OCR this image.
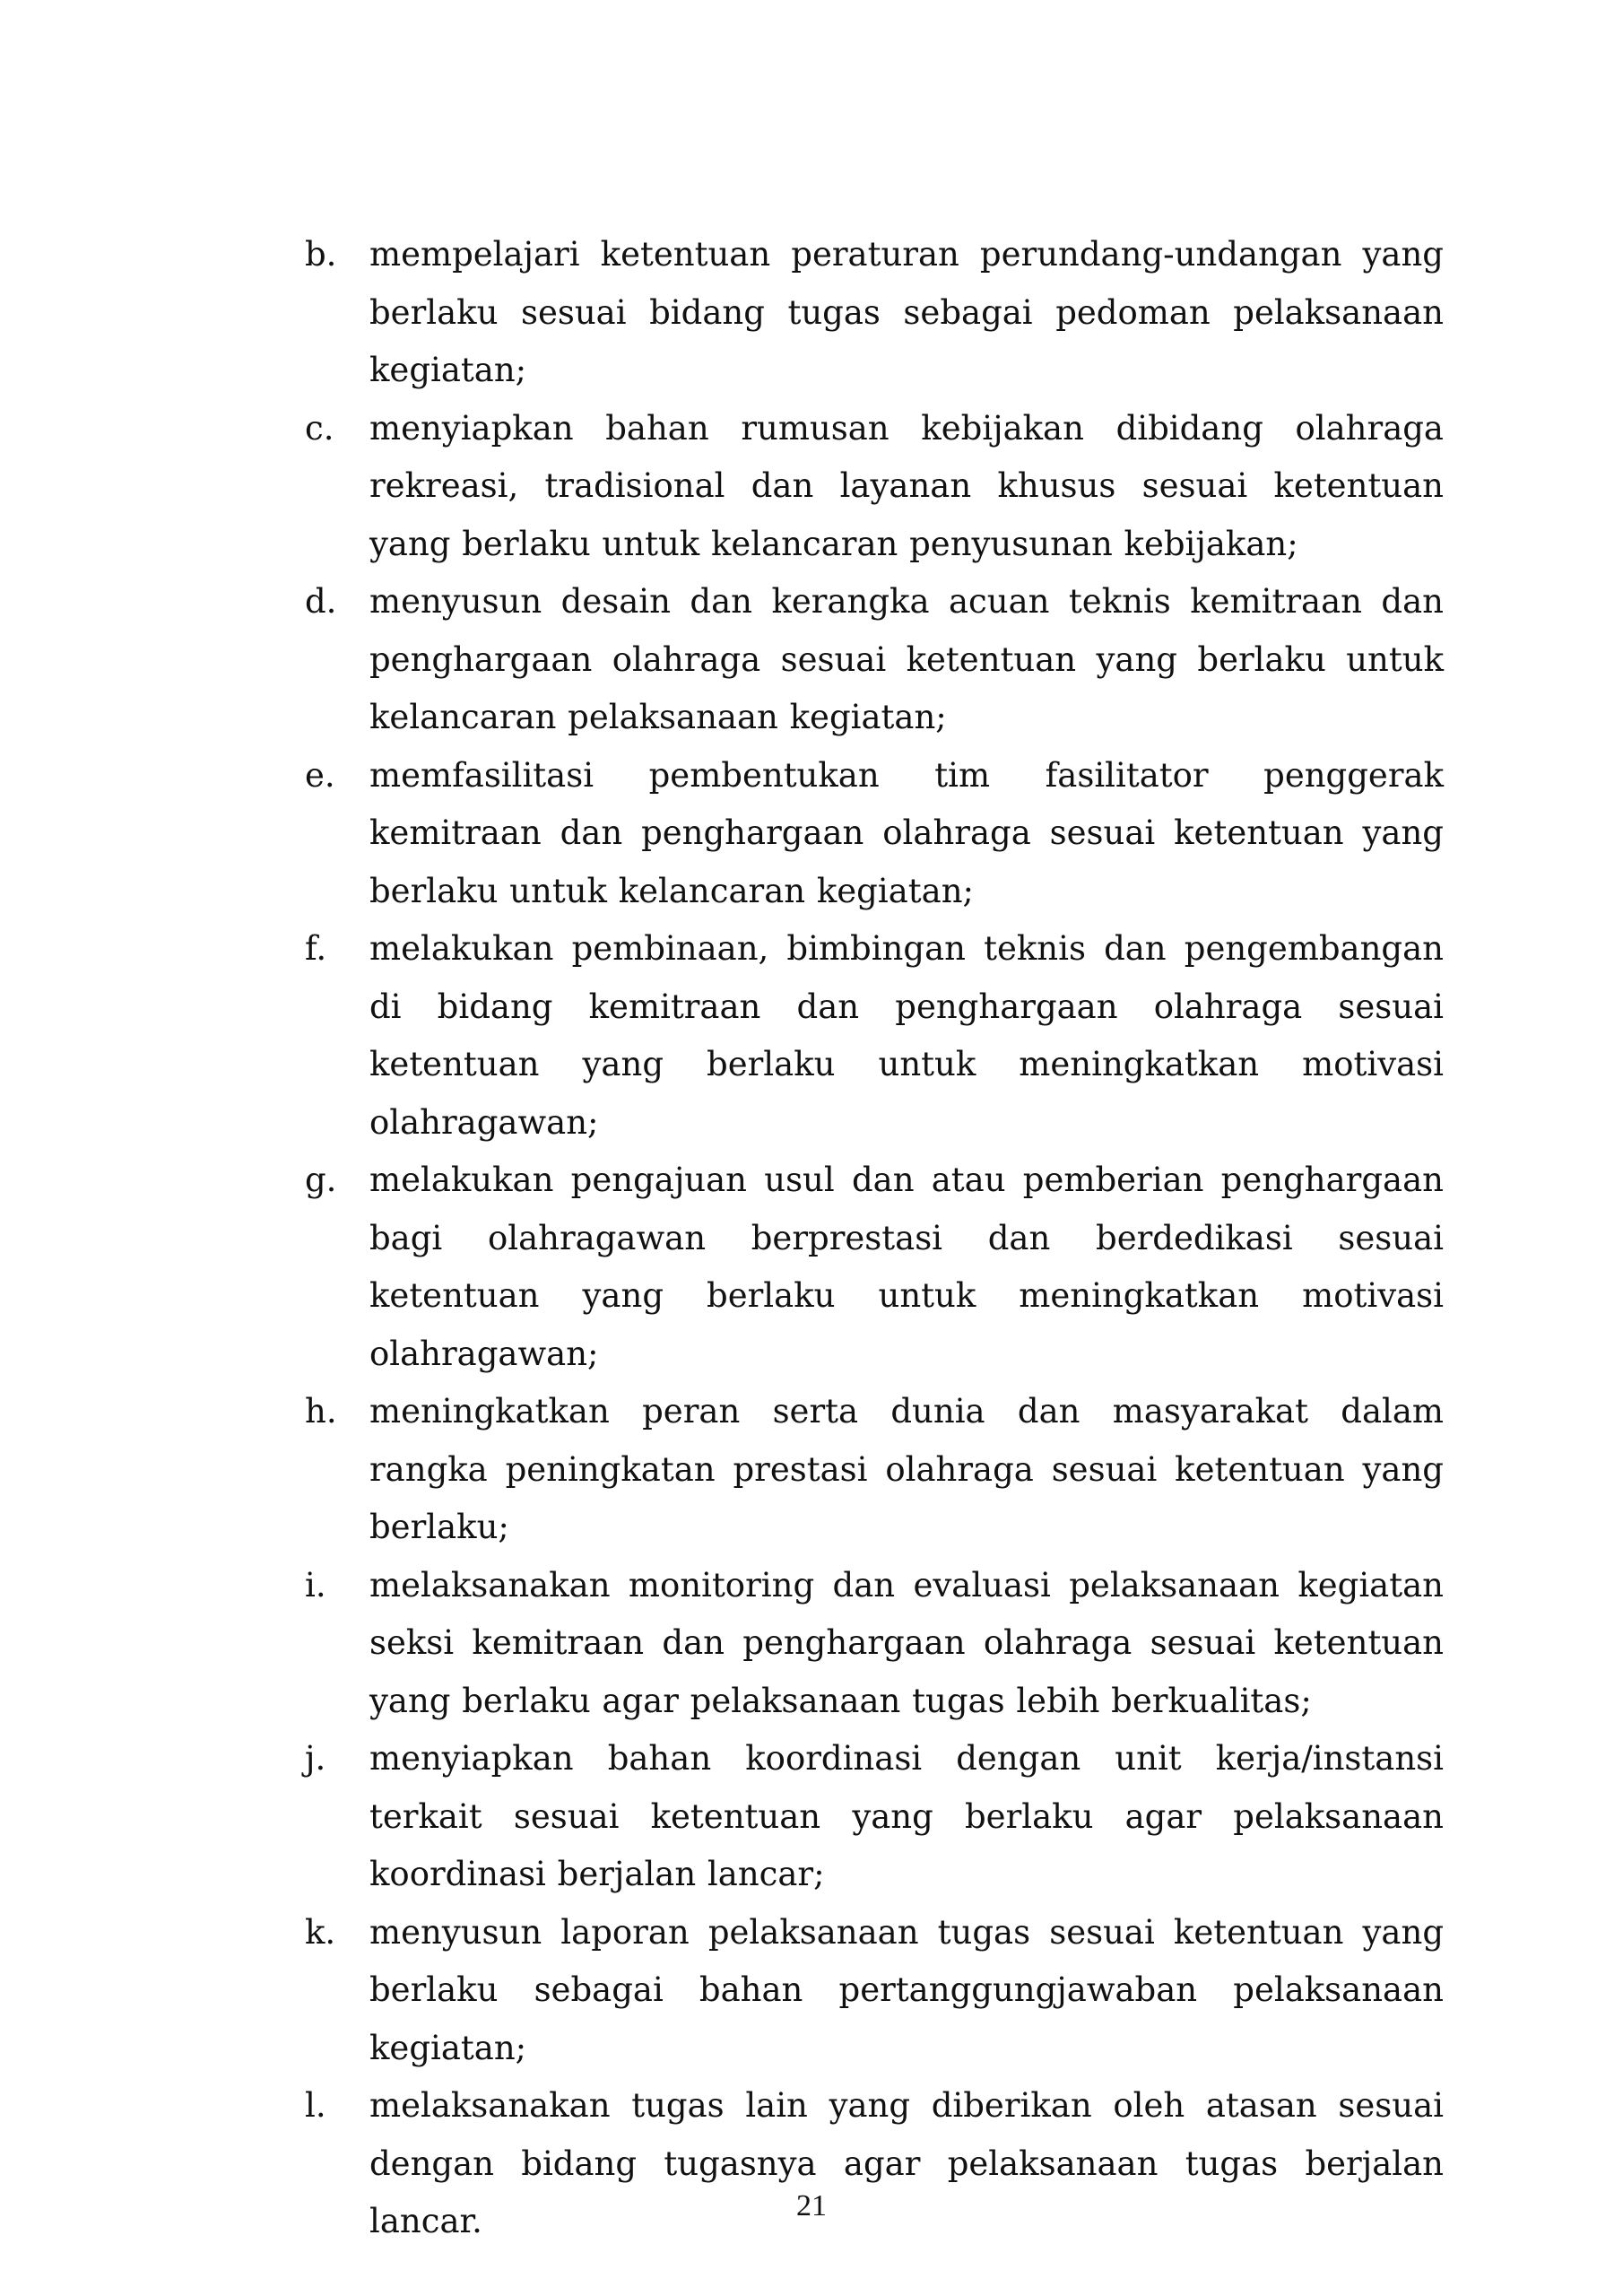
b. mempelajari ketentuan peraturan perundang-undangan yang berlaku sesuai bidang tugas sebagai pedoman pelaksanaan kegiatan;
c.	menyiapkan bahan rumusan kebijakan dibidang olahraga rekreasi, tradisional dan layanan khusus sesuai ketentuan yang berlaku untuk kelancaran penyusunan kebijakan;
d. menyusun desain dan kerangka acuan teknis kemitraan dan penghargaan olahraga sesuai ketentuan yang berlaku untuk kelancaran pelaksanaan kegiatan;
e.	memfasilitasi pembentukan tim fasilitator penggerak kemitraan dan penghargaan olahraga sesuai ketentuan yang berlaku untuk kelancaran kegiatan;
f.	melakukan pembinaan, bimbingan teknis dan pengembangan di bidang kemitraan dan penghargaan olahraga sesuai ketentuan yang berlaku untuk meningkatkan motivasi olahragawan;
g. melakukan pengajuan usul dan atau pemberian penghargaan bagi olahragawan berprestasi dan berdedikasi sesuai ketentuan yang berlaku untuk meningkatkan motivasi olahragawan;
h. meningkatkan peran serta dunia dan masyarakat dalam rangka peningkatan prestasi olahraga sesuai ketentuan yang berlaku;
i.	melaksanakan monitoring dan evaluasi pelaksanaan kegiatan seksi kemitraan dan penghargaan olahraga sesuai ketentuan yang berlaku agar pelaksanaan tugas lebih berkualitas;
j.	menyiapkan bahan koordinasi dengan unit kerja/instansi terkait sesuai ketentuan yang berlaku agar pelaksanaan koordinasi berjalan lancar;
k.	menyusun laporan pelaksanaan tugas sesuai ketentuan yang berlaku sebagai bahan pertanggungjawaban pelaksanaan kegiatan;
l.	melaksanakan tugas lain yang diberikan oleh atasan sesuai dengan bidang tugasnya agar pelaksanaan tugas berjalan lancar.	21
